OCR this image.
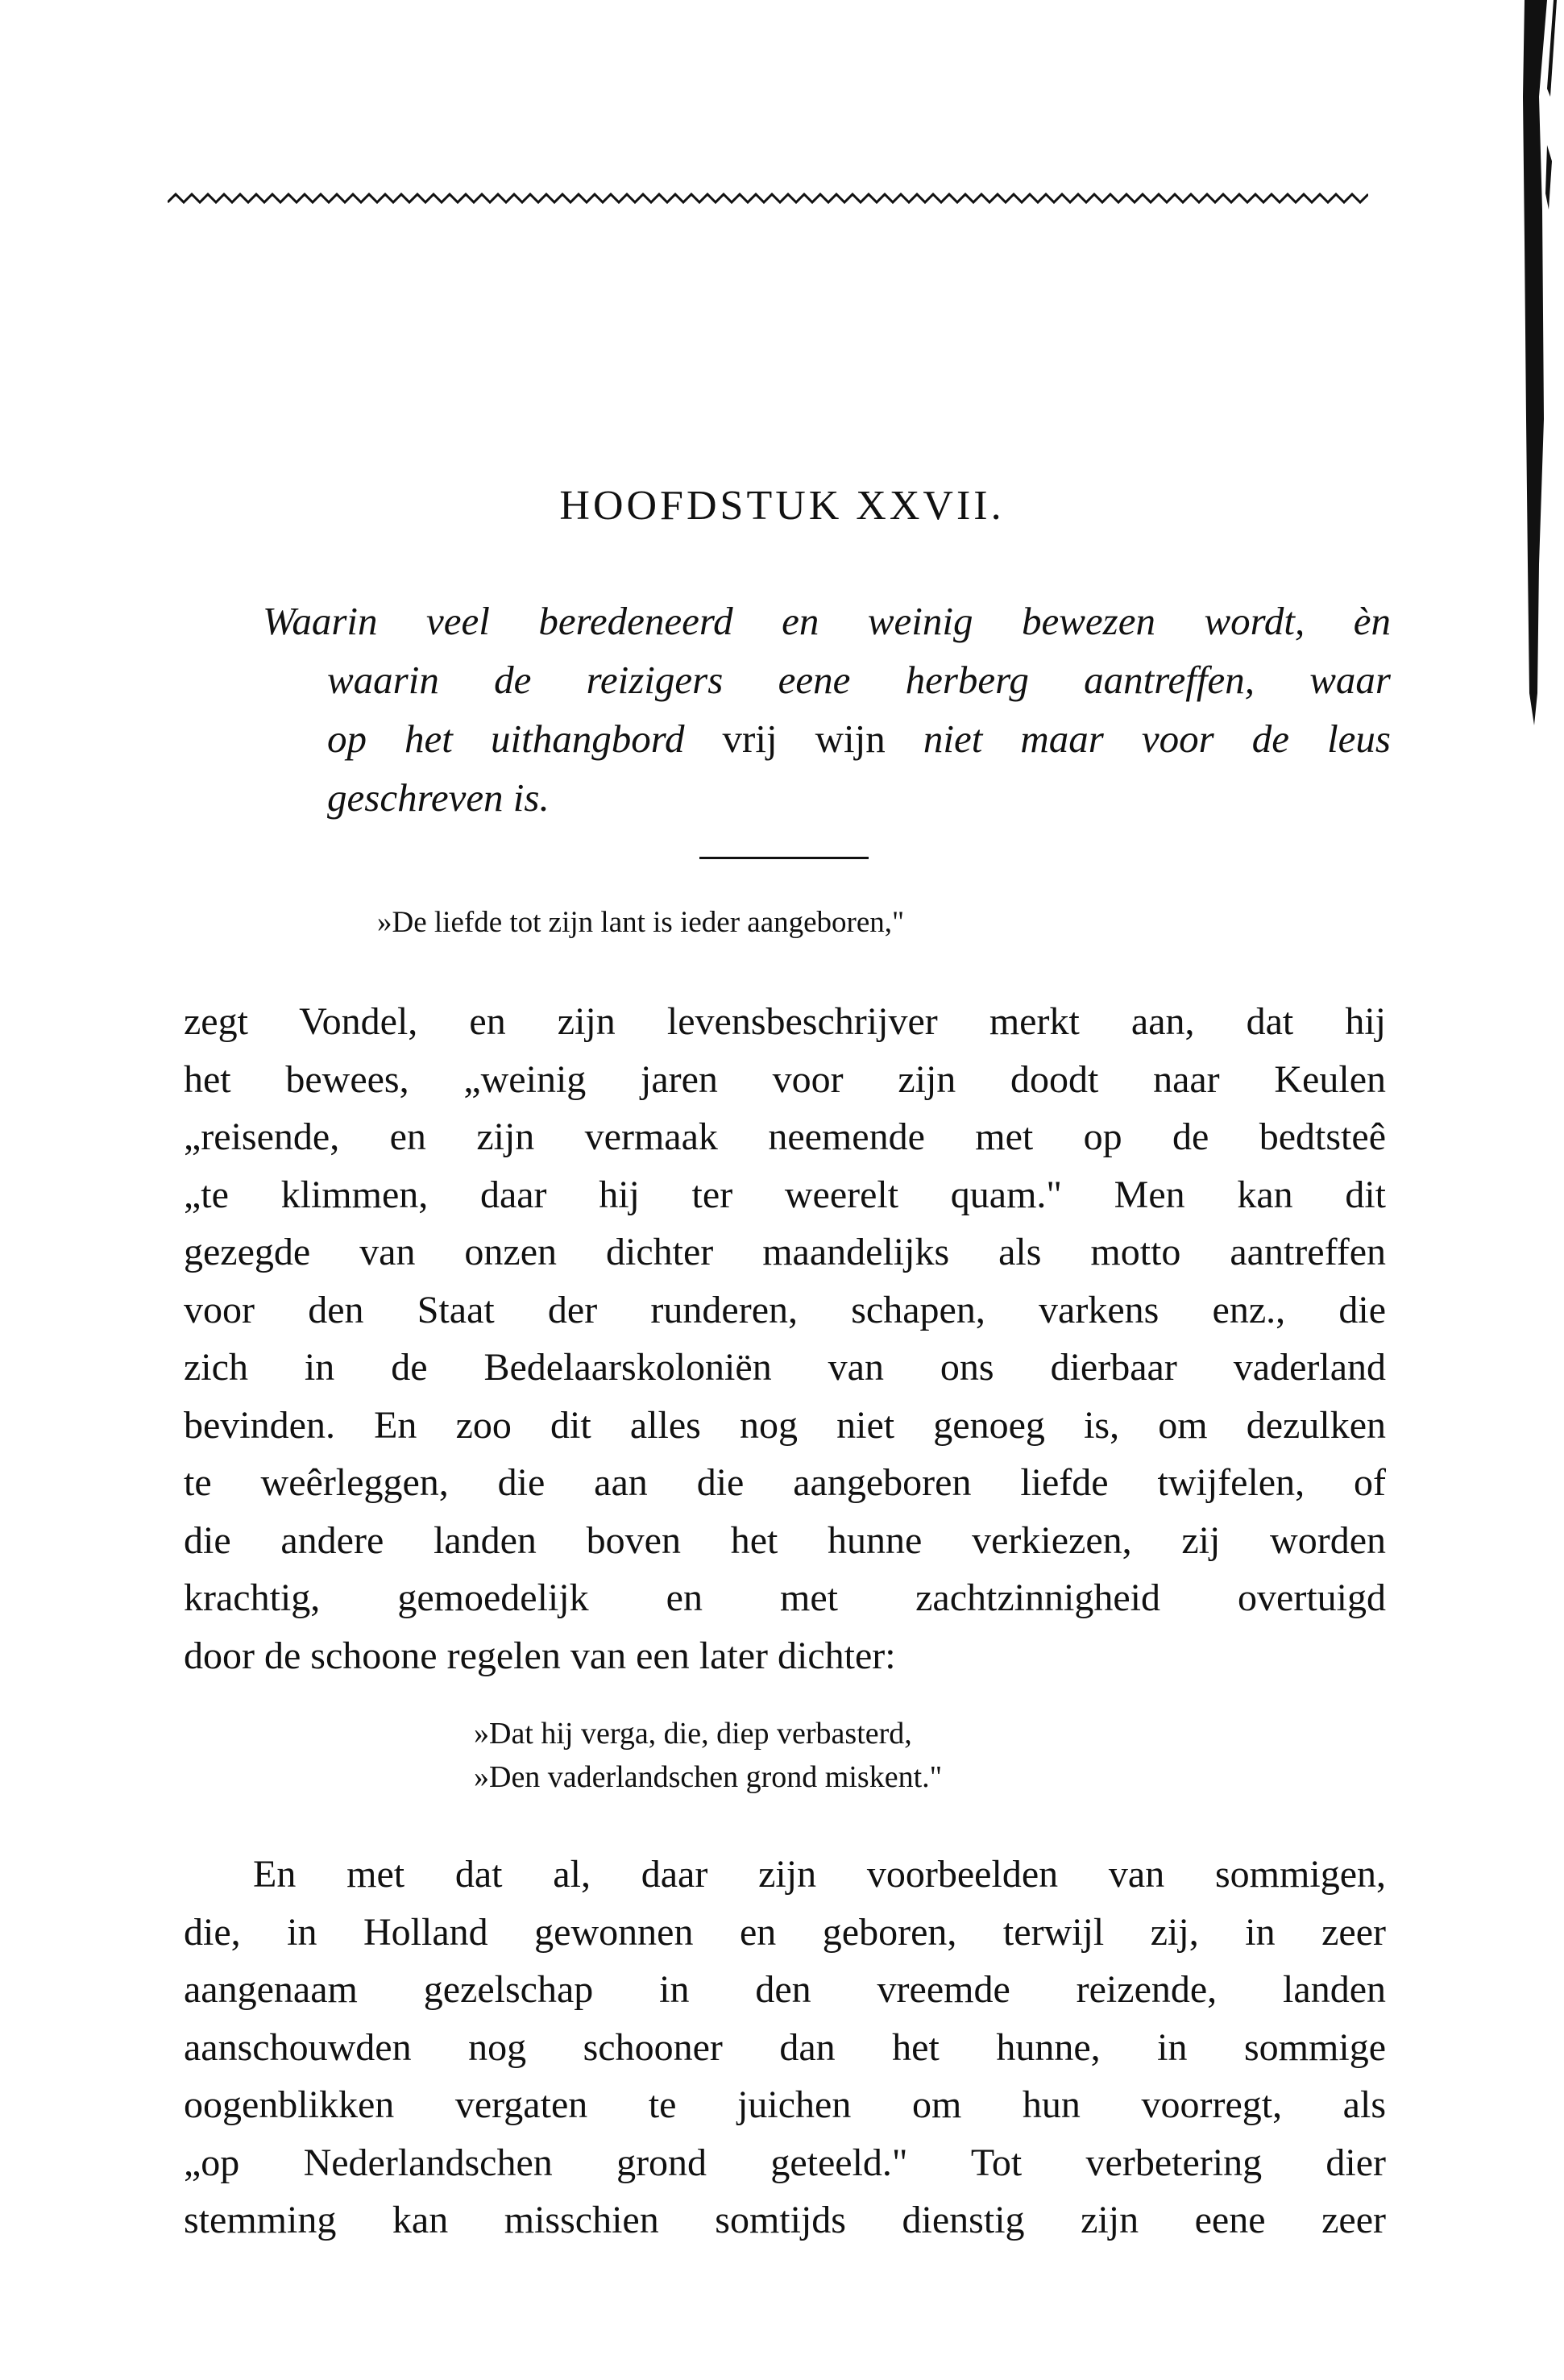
HOOFDSTUK XXVII.
Waarin veel beredeneerd en weinig bewezen wordt, èn
waarin de reizigers eene herberg aantreffen, waar
op het uithangbord vrij wijn niet maar voor de leus
geschreven is.
»De liefde tot zijn lant is ieder aangeboren,"
zegt Vondel, en zijn levensbeschrijver merkt aan, dat hij
het bewees, „weinig jaren voor zijn doodt naar Keulen
„reisende, en zijn vermaak neemende met op de bedtsteê
„te klimmen, daar hij ter weerelt quam." Men kan dit
gezegde van onzen dichter maandelijks als motto aantreffen
voor den Staat der runderen, schapen, varkens enz., die
zich in de Bedelaarskoloniën van ons dierbaar vaderland
bevinden. En zoo dit alles nog niet genoeg is, om dezulken
te weêrleggen, die aan die aangeboren liefde twijfelen, of
die andere landen boven het hunne verkiezen, zij worden
krachtig, gemoedelijk en met zachtzinnigheid overtuigd
door de schoone regelen van een later dichter:
»Dat hij verga, die, diep verbasterd,
»Den vaderlandschen grond miskent."
En met dat al, daar zijn voorbeelden van sommigen,
die, in Holland gewonnen en geboren, terwijl zij, in zeer
aangenaam gezelschap in den vreemde reizende, landen
aanschouwden nog schooner dan het hunne, in sommige
oogenblikken vergaten te juichen om hun voorregt, als
„op Nederlandschen grond geteeld." Tot verbetering dier
stemming kan misschien somtijds dienstig zijn eene zeer
